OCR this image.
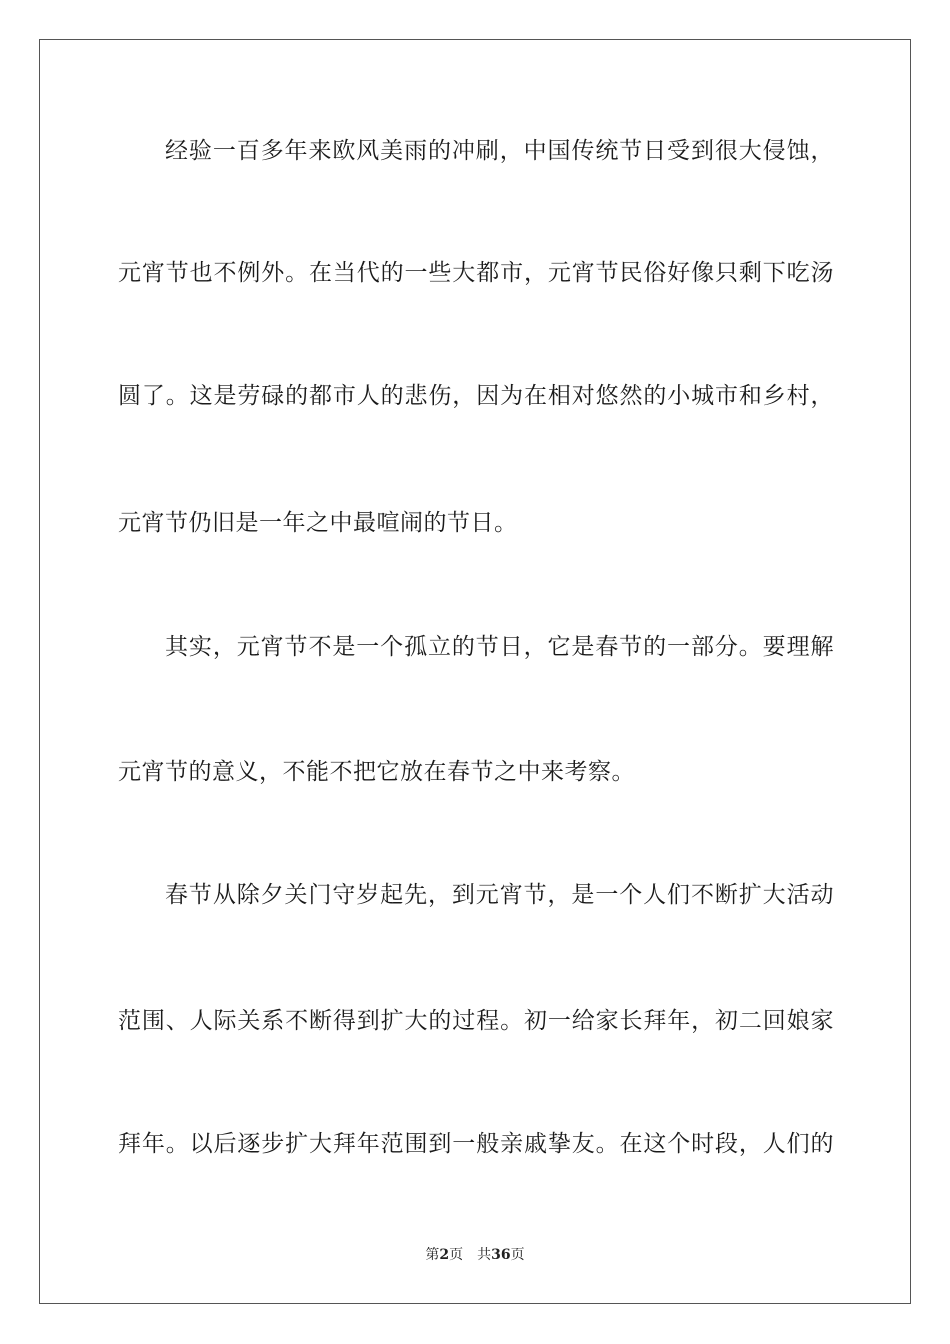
经验一百多年来欧风美雨的冲刷，中国传统节日受到很大侵蚀，
元宵节也不例外。在当代的一些大都市，元宵节民俗好像只剩下吃汤
圆了。这是劳碌的都市人的悲伤，因为在相对悠然的小城市和乡村，
元宵节仍旧是一年之中最喧闹的节日。
其实，元宵节不是一个孤立的节日，它是春节的一部分。要理解
元宵节的意义，不能不把它放在春节之中来考察。
春节从除夕关门守岁起先，到元宵节，是一个人们不断扩大活动
范围、人际关系不断得到扩大的过程。初一给家长拜年，初二回娘家
拜年。以后逐步扩大拜年范围到一般亲戚挚友。在这个时段，人们的
第2页 共36页
